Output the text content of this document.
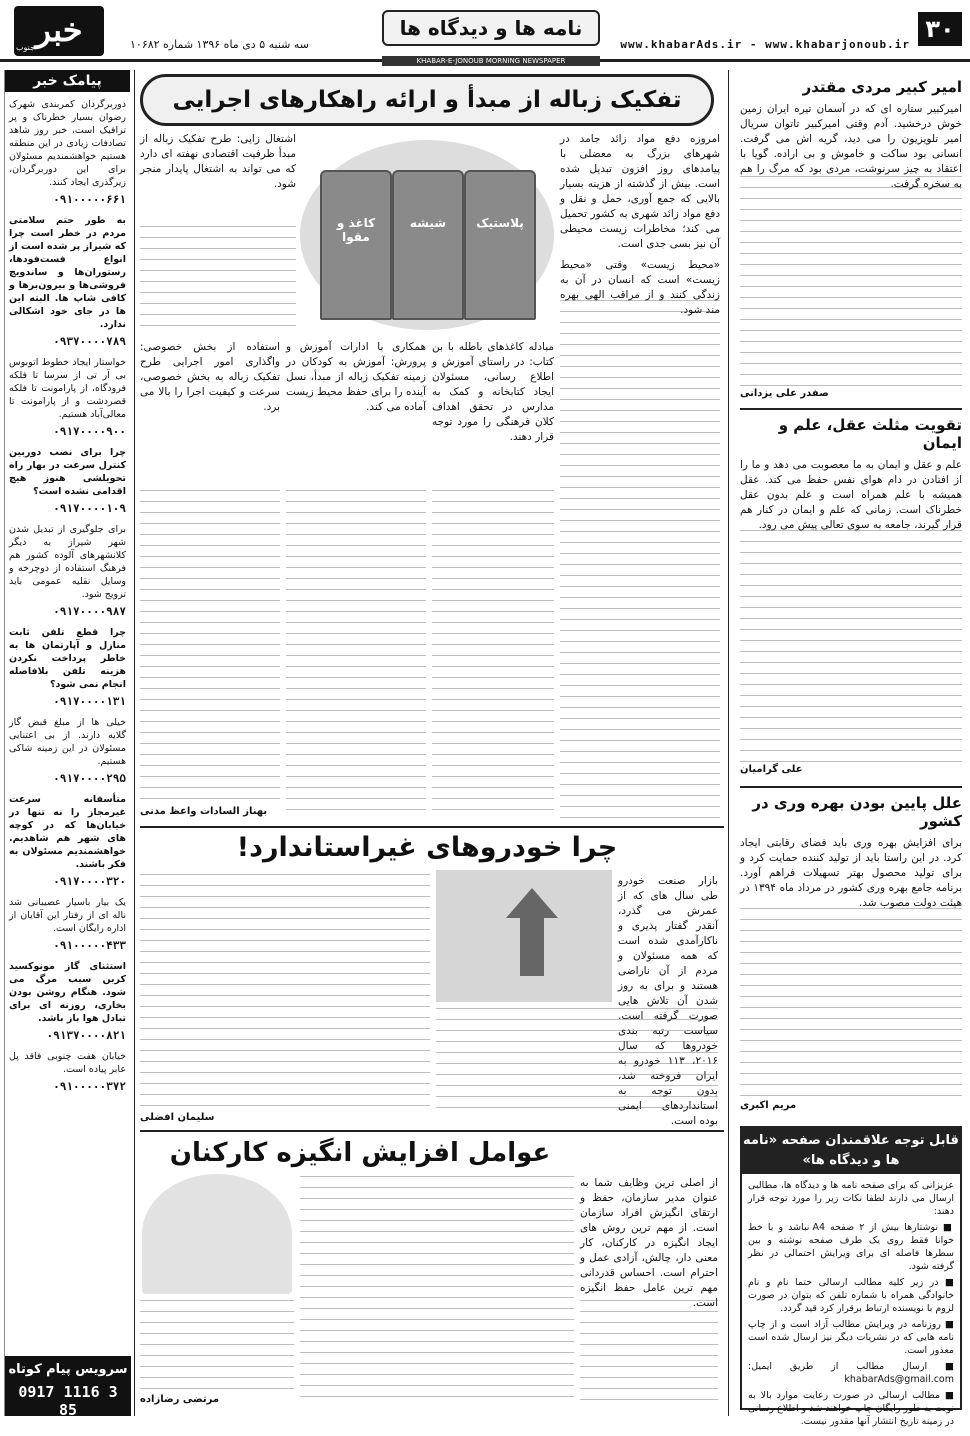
۳۰
www.khabarAds.ir - www.khabarjonoub.ir
نامه ها و دیدگاه ها
سه شنبه ۵ دی ماه ۱۳۹۶ شماره ۱۰۶۸۲
خبر
جنوب
KHABAR-E-JONOUB MORNING NEWSPAPER
پیامک خبر
دوربرگردان کمربندی شهرک رضوان بسیار خطرناک و پر ترافیک است، خبر روز شاهد تصادفات زیادی در این منطقه هستیم خواهشمندیم مسئولان برای این دوربرگردان، زیرگذری ایجاد کنند.
۰۹۱۰۰۰۰۰۶۶۱
به طور حتم سلامتی مردم در خطر است چرا که شیراز پر شده است از انواع فست‌فودها، رستوران‌ها و ساندویچ فروشی‌ها و بیرون‌برها و کافی شاپ ها. البته این ها در جای خود اشکالی ندارد.
۰۹۳۷۰۰۰۰۷۸۹
خواستار ایجاد خطوط اتوبوس بی آر تی از سرسا تا فلکه فرودگاه، از پارامونت تا فلکه قصردشت و از پارامونت تا معالی‌آباد هستیم.
۰۹۱۷۰۰۰۰۹۰۰
چرا برای نصب دوربین کنترل سرعت در بهار راه تحویلشی هنوز هیچ اقدامی نشده است؟
۰۹۱۷۰۰۰۰۱۰۹
برای جلوگیری از تبدیل شدن شهر شیراز به دیگر کلانشهرهای آلوده کشور هم فرهنگ استفاده از دوچرخه و وسایل نقلیه عمومی باید ترویج شود.
۰۹۱۷۰۰۰۰۹۸۷
چرا قطع تلفن ثابت منازل و آپارتمان ها به خاطر پرداخت نکردن هزینه تلفن بلافاصله انجام نمی شود؟
۰۹۱۷۰۰۰۰۱۳۱
خیلی ها از مبلغ قبض گاز گلایه دارند. از بی اعتنایی مسئولان در این زمینه شاکی هستیم.
۰۹۱۷۰۰۰۰۲۹۵
متأسفانه سرعت غیرمجاز را نه تنها در خیابان‌ها که در کوچه های شهر هم شاهدیم. خواهشمندیم مسئولان به فکر باشند.
۰۹۱۷۰۰۰۰۳۲۰
یک بیار باسیار عصیبانی شد ناله ای از رفتار این آقایان از اداره رایگان است.
۰۹۱۰۰۰۰۰۴۳۳
استثنای گاز مونوکسید کربن سبب مرگ می شود. هنگام روشن بودن بخاری، روزنه ای برای تبادل هوا باز باشد.
۰۹۱۳۷۰۰۰۰۸۲۱
خیابان هفت چنوبی فاقد پل عابر پیاده است.
۰۹۱۰۰۰۰۰۳۷۲
سرویس پیام کوتاه
0917 1116 3 85
امیر کبیر مردی مقتدر
امیرکبیر ستاره ای که در آسمان تیره ایران زمین خوش درخشید. آدم وقتی امیرکبیر تاتوان سریال امیر تلویزیون را می دید، گریه اش می گرفت. انسانی بود ساکت و خاموش و بی اراده. گویا با اعتقاد به چیز سرنوشت، مردی بود که مرگ را هم به سخره گرفت.
صفدر علی یزدانی
تقویت مثلث عقل، علم و ایمان
علم و عقل و ایمان به ما معصوبت می دهد و ما را از افتادن در دام هوای نفس حفظ می کند. عقل همیشه با علم همراه است و علم بدون عقل خطرناک است. زمانی که علم و ایمان در کنار هم قرار گیرند، جامعه به سوی تعالی پیش می رود.
علی گرامیان
علل پایین بودن بهره وری در کشور
برای افزایش بهره وری باید فضای رقابتی ایجاد کرد. در این راستا باید از تولید کننده حمایت کرد و برای تولید محصول بهتر تسهیلات فراهم آورد. برنامه جامع بهره وری کشور در مرداد ماه ۱۳۹۴ در هیئت دولت مصوب شد.
مریم اکبری
قابل توجه علاقمندان صفحه «نامه ها و دیدگاه ها»

عزیزانی که برای صفحه نامه ها و دیدگاه ها، مطالبی ارسال می دارند لطفا نکات زیر را مورد توجه قرار دهند:

■ نوشتارها بیش از ۲ صفحه A4 نباشد و با خط خوانا فقط روی یک طرف صفحه نوشته و بین سطرها فاصله ای برای ویرایش احتمالی در نظر گرفته شود.

■ در زیر کلیه مطالب ارسالی حتما نام و نام خانوادگی همراه با شماره تلفن که بتوان در صورت لزوم با نویسنده ارتباط برقرار کرد قید گردد.

■ روزنامه در ویرایش مطالب آزاد است و از چاپ نامه هایی که در نشریات دیگر نیز ارسال شده است معذور است.

■ ارسال مطالب از طریق ایمیل: khabarAds@gmail.com

■ مطالب ارسالی در صورت رعایت موارد بالا به نوبت به طور رایگان چاپ خواهند شد و اطلاع رسانی در زمینه تاریخ انتشار آنها مقدور نیست.

تفکیک زباله از مبدأ و ارائه راهکارهای اجرایی
کاغذ و مقوا
شیشه	پلاستیک
امروزه دفع مواد زائد جامد در شهرهای بزرگ به معضلی با پیامدهای روز افزون تبدیل شده است. بیش از گذشته از هزینه بسیار بالایی که جمع آوری، حمل و نقل و دفع مواد زائد شهری به کشور تحمیل می کند؛ مخاطرات زیست محیطی آن نیز بسی جدی است.
«محیط زیست» وقتی «محیط زیست» است که انسان در آن به زندگی کنند و از مراقب الهی بهره مند شود.
اشتغال زایی: طرح تفکیک زباله از مبدأ ظرفیت اقتصادی نهفته ای دارد که می تواند به اشتغال پایدار منجر شود.
مبادله کاغذهای باطله با بن کتاب: در راستای آموزش و اطلاع رسانی، مسئولان ایجاد کتابخانه و کمک به مدارس در تحقق اهداف کلان فرهنگی را مورد توجه قرار دهند.
همکاری با ادارات آموزش و پرورش: آموزش به کودکان در زمینه تفکیک زباله از مبدأ، نسل آینده را برای حفظ محیط زیست آماده می کند.
استفاده از بخش خصوصی: واگذاری امور اجرایی طرح تفکیک زباله به بخش خصوصی، سرعت و کیفیت اجرا را بالا می برد.
بهناز السادات واعظ مدنی
چرا خودروهای غیراستاندارد!
بازار صنعت خودرو طی سال های که از عمرش می گذرد، آنقدر گفتار پذیری و ناکارآمدی شده است که همه مسئولان و مردم از آن ناراضی هستند و برای به روز شدن آن تلاش هایی صورت گرفته است. سیاست رتبه بندی خودروها که سال ۲۰۱۶، ۱۱۳ خودرو به ایران فروخته شد، بدون توجه به استانداردهای ایمنی بوده است.
سلیمان افضلی
عوامل افزایش انگیزه کارکنان
از اصلی ترین وظایف شما به عنوان مدیر سازمان، حفظ و ارتقای انگیزش افراد سازمان است. از مهم ترین روش های ایجاد انگیزه در کارکنان، کار معنی دار، چالش، آزادی عمل و احترام است. احساس قدردانی مهم ترین عامل حفظ انگیزه است.
مرتضی رضازاده
